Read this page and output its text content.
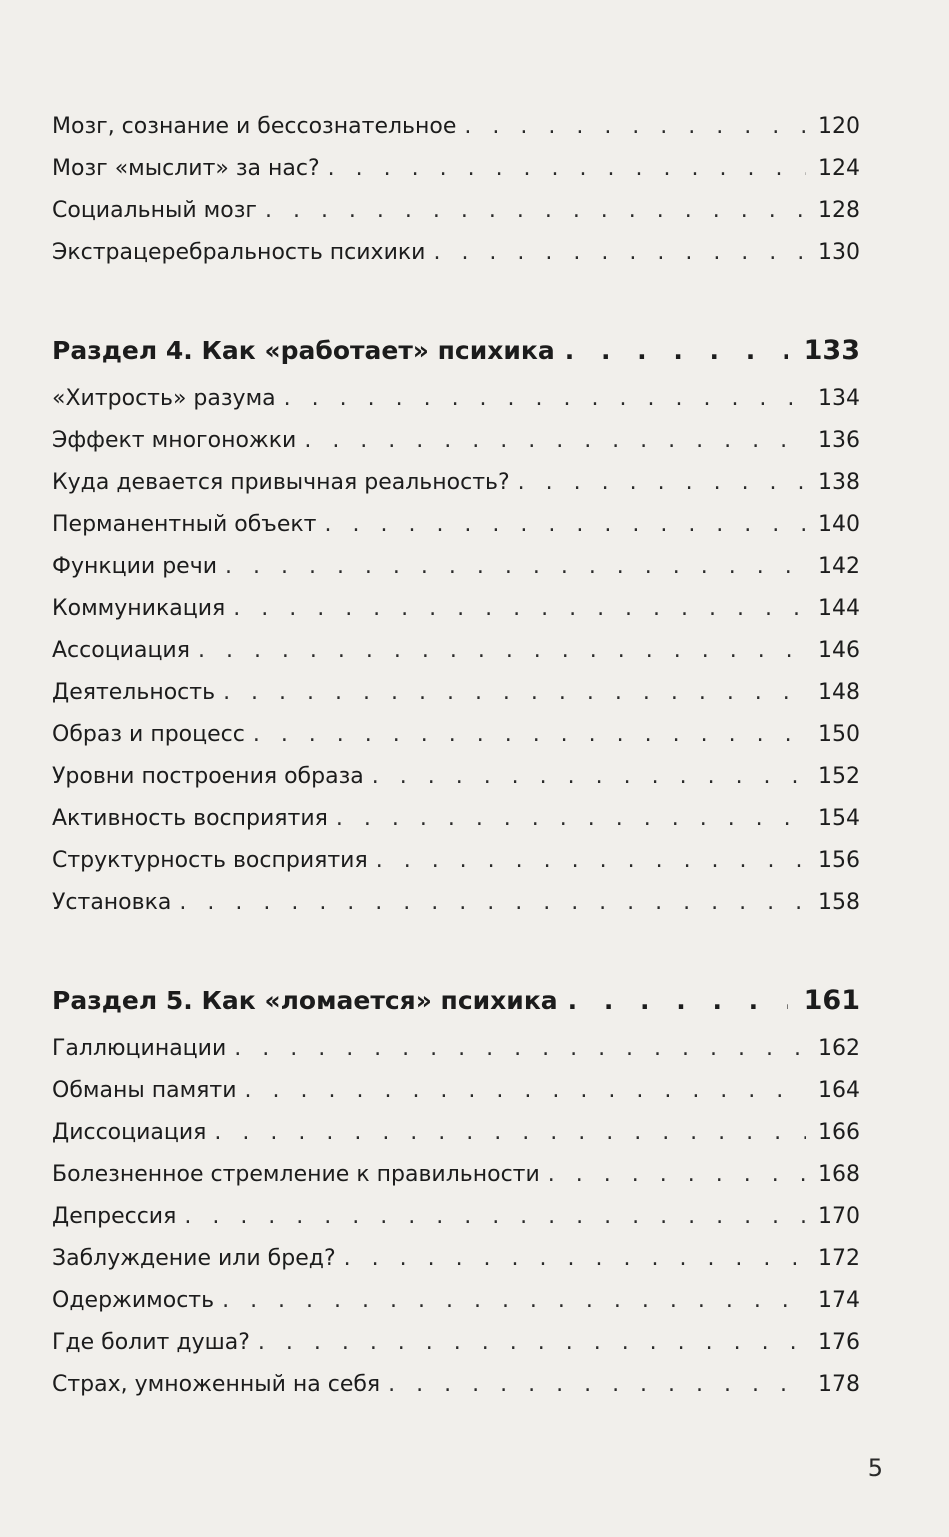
Мозг, сознание и бессознательное . . .	120
Мозг «мыслит» за нас? . . .	124
Социальный мозг . . .	128
Экстрацеребральность психики . . .	130
Раздел 4. Как «работает» психика . . .	133
«Хитрость» разума . . .	134
Эффект многоножки . . .	136
Куда девается привычная реальность? . . .	138
Перманентный объект . . .	140
Функции речи . . .	142
Коммуникация . . .	144
Ассоциация . . .	146
Деятельность . . .	148
Образ и процесс . . .	150
Уровни построения образа . . .	152
Активность восприятия . . .	154
Структурность восприятия . . .	156
Установка . . .	158
Раздел 5. Как «ломается» психика . . .	161
Галлюцинации . . .	162
Обманы памяти . . .	164
Диссоциация . . .	166
Болезненное стремление к правильности . . .	168
Депрессия . . .	170
Заблуждение или бред? . . .	172
Одержимость . . .	174
Где болит душа? . . .	176
Страх, умноженный на себя . . .	178
5
